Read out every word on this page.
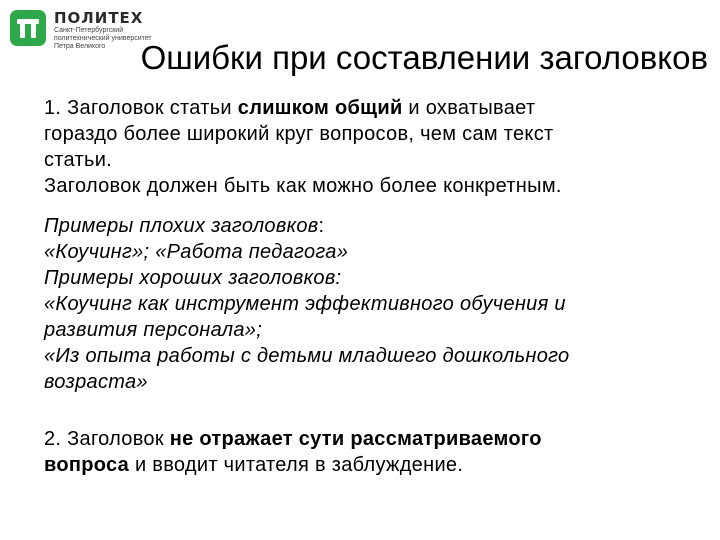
ПОЛИТЕХ
Санкт-Петербургский
политехнический университет
Петра Великого	Ошибки при составлении заголовков

1. Заголовок статьи слишком общий и охватывает
гораздо более широкий круг вопросов, чем сам текст
статьи.
Заголовок должен быть как можно более конкретным.

Примеры плохих заголовков:
«Коучинг»; «Работа педагога»
Примеры хороших заголовков:
«Коучинг как инструмент эффективного обучения и
развития персонала»;
«Из опыта работы с детьми младшего дошкольного
возраста»

2. Заголовок не отражает сути рассматриваемого
вопроса и вводит читателя в заблуждение.
